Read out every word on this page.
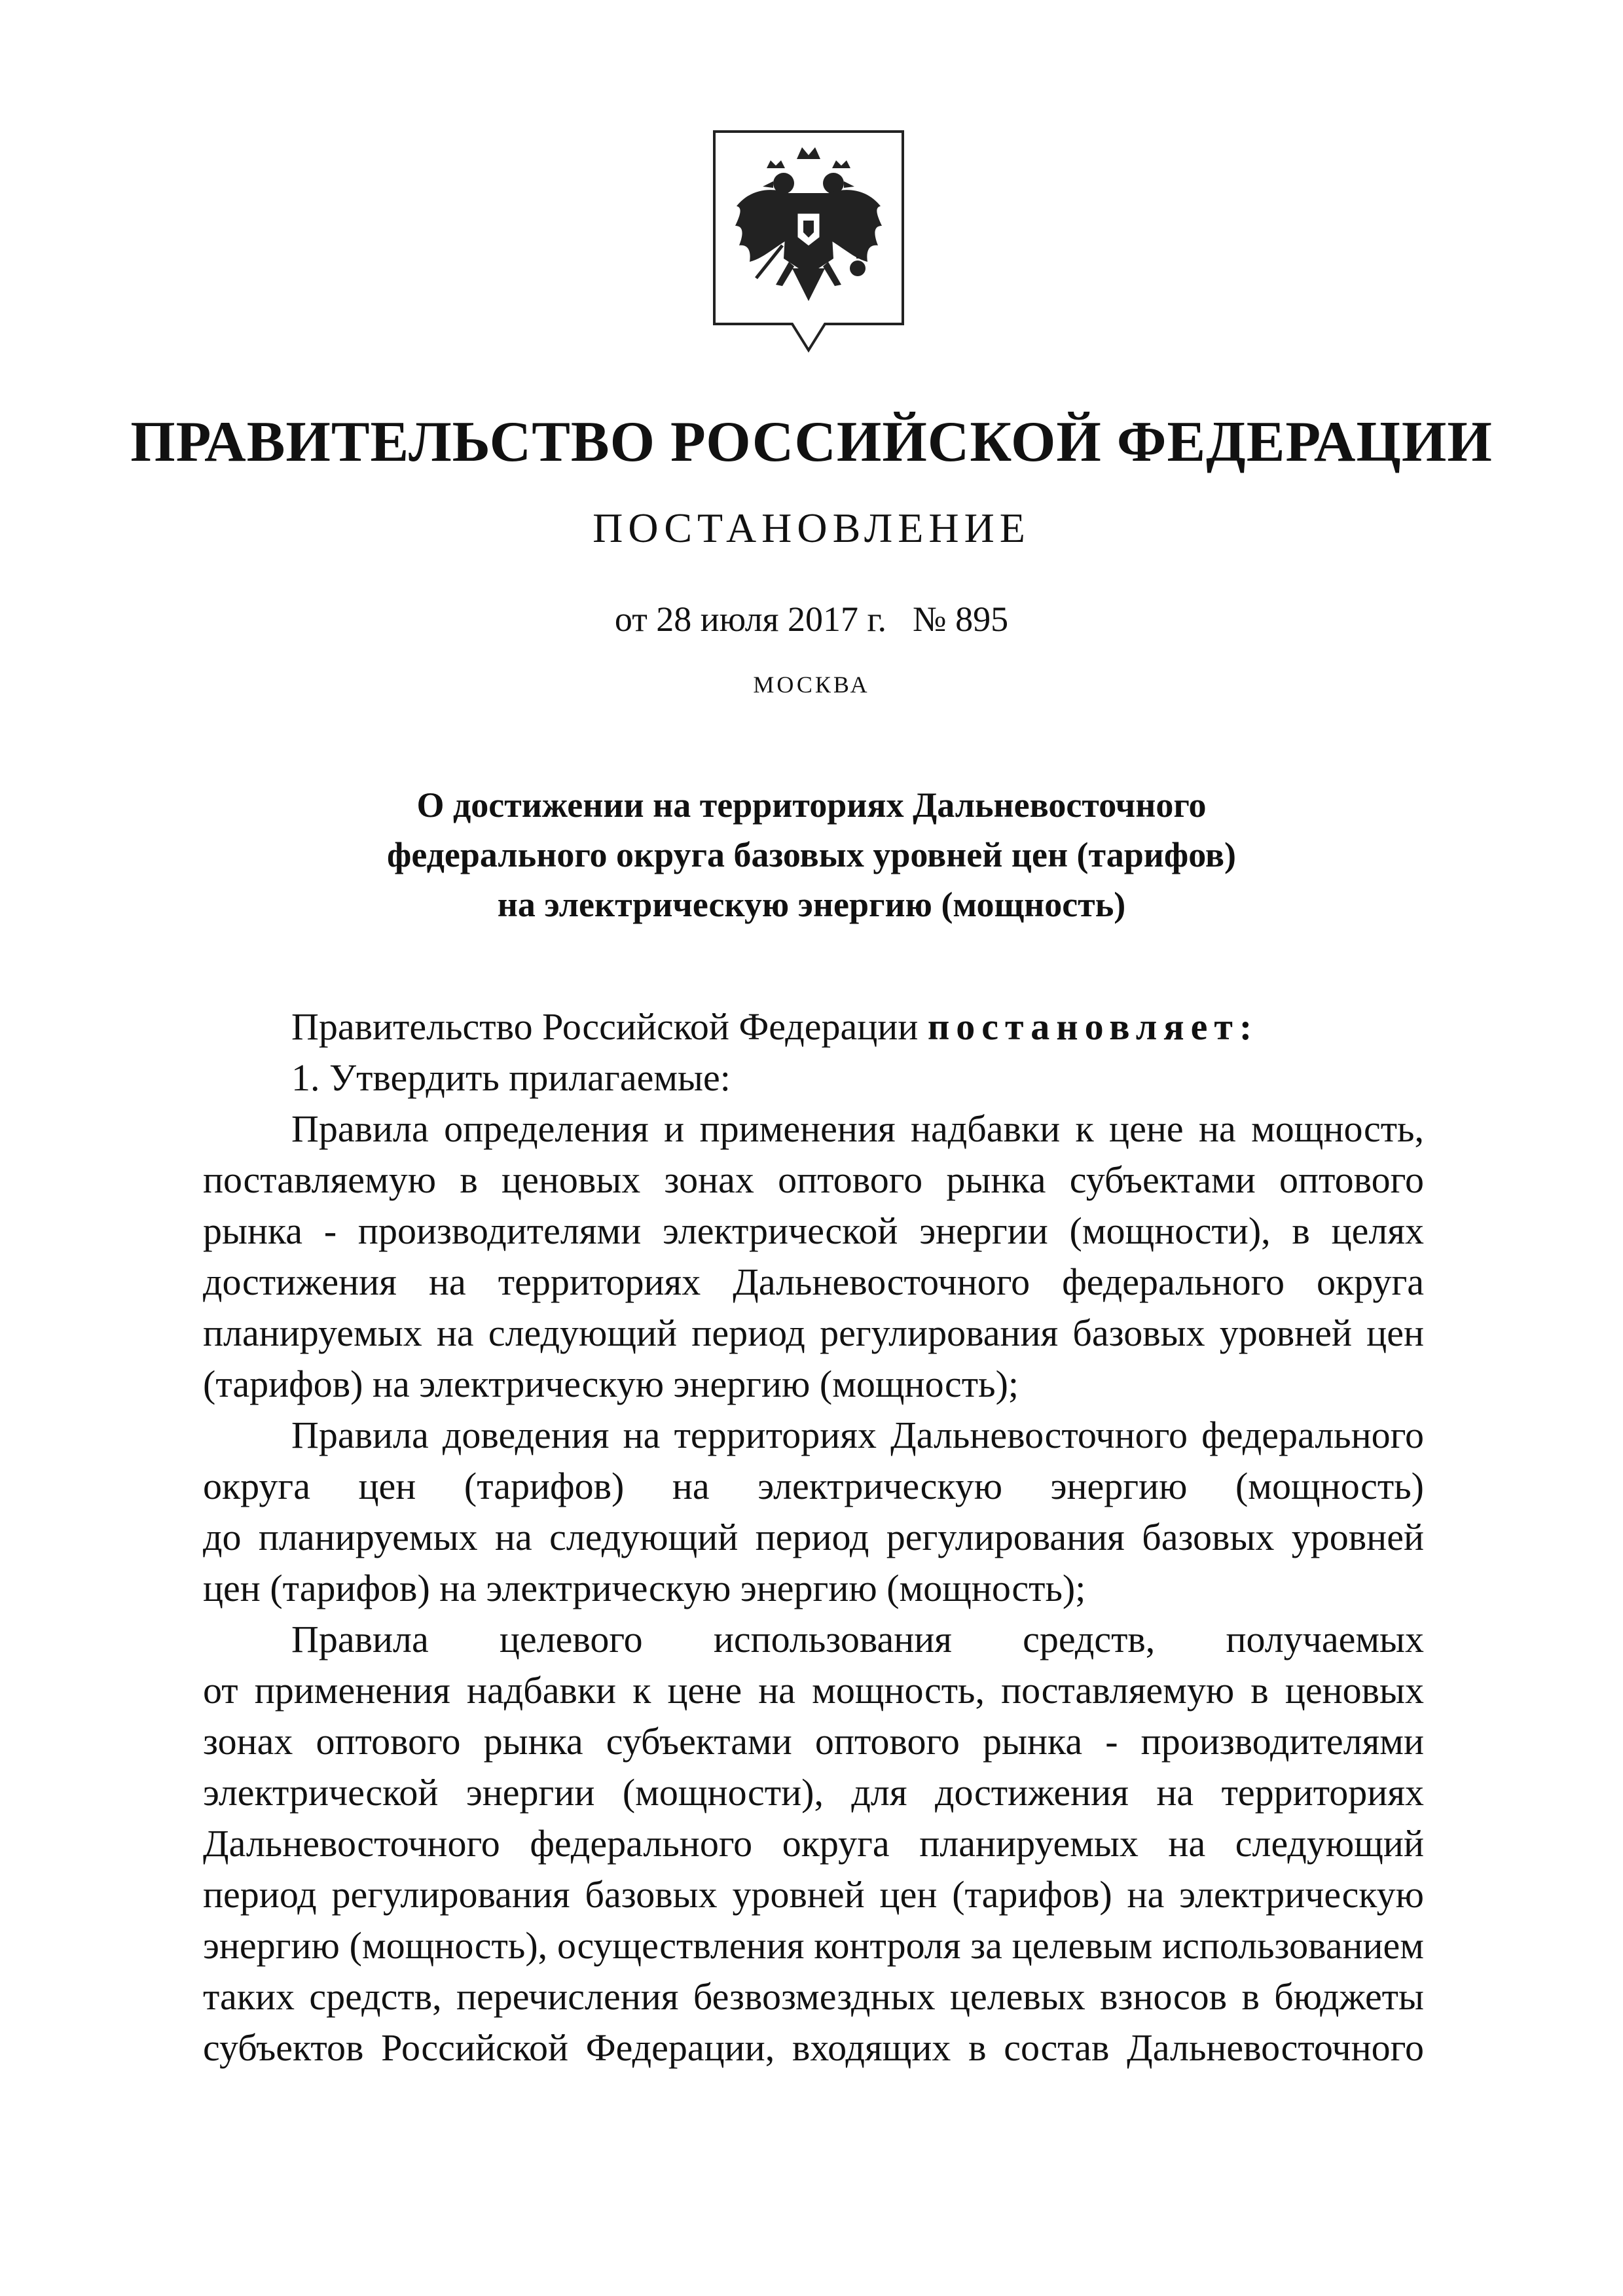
ПРАВИТЕЛЬСТВО РОССИЙСКОЙ ФЕДЕРАЦИИ
ПОСТАНОВЛЕНИЕ
от 28 июля 2017 г. № 895
МОСКВА
О достижении на территориях Дальневосточного
федерального округа базовых уровней цен (тарифов)
на электрическую энергию (мощность)
Правительство Российской Федерации постановляет:
1. Утвердить прилагаемые:
Правила определения и применения надбавки к цене на мощность,
поставляемую в ценовых зонах оптового рынка субъектами оптового
рынка - производителями электрической энергии (мощности), в целях
достижения на территориях Дальневосточного федерального округа
планируемых на следующий период регулирования базовых уровней цен
(тарифов) на электрическую энергию (мощность);
Правила доведения на территориях Дальневосточного федерального
округа цен (тарифов) на электрическую энергию (мощность)
до планируемых на следующий период регулирования базовых уровней
цен (тарифов) на электрическую энергию (мощность);
Правила целевого использования средств, получаемых
от применения надбавки к цене на мощность, поставляемую в ценовых
зонах оптового рынка субъектами оптового рынка - производителями
электрической энергии (мощности), для достижения на территориях
Дальневосточного федерального округа планируемых на следующий
период регулирования базовых уровней цен (тарифов) на электрическую
энергию (мощность), осуществления контроля за целевым использованием
таких средств, перечисления безвозмездных целевых взносов в бюджеты
субъектов Российской Федерации, входящих в состав Дальневосточного
